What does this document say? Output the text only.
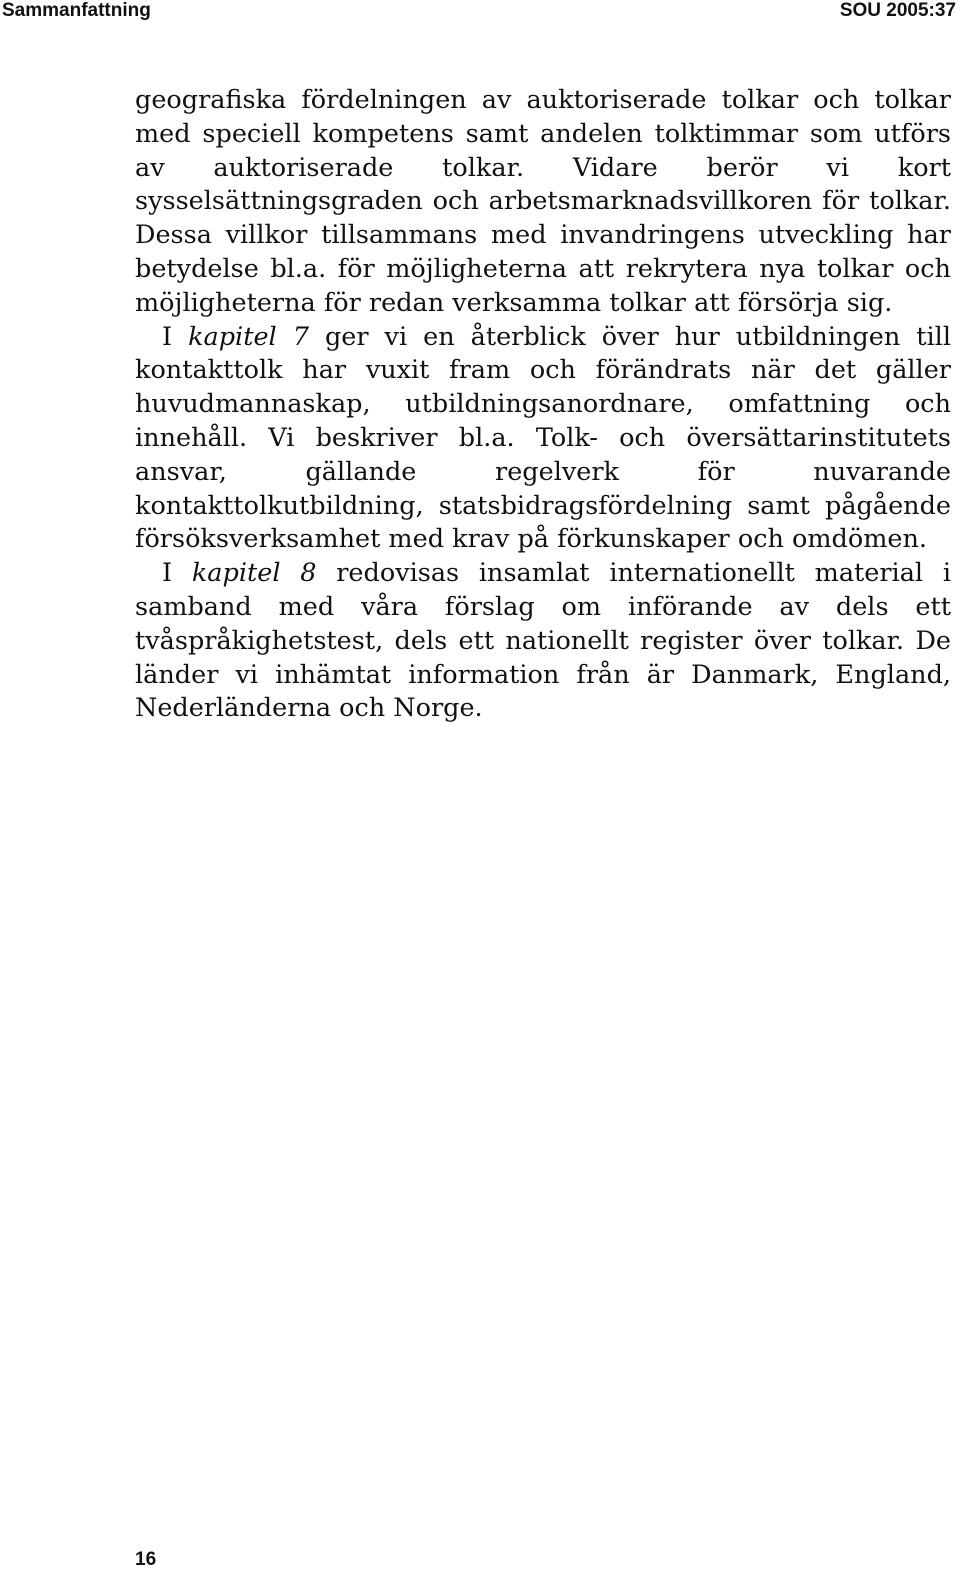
Sammanfattning	SOU 2005:37

geografiska fördelningen av auktoriserade tolkar och tolkar med speciell kompetens samt andelen tolktimmar som utförs av auktoriserade tolkar. Vidare berör vi kort sysselsättningsgraden och arbetsmarknadsvillkoren för tolkar. Dessa villkor tillsammans med invandringens utveckling har betydelse bl.a. för möjligheterna att rekrytera nya tolkar och möjligheterna för redan verksamma tolkar att försörja sig.

I kapitel 7 ger vi en återblick över hur utbildningen till kontakttolk har vuxit fram och förändrats när det gäller huvudmannaskap, utbildningsanordnare, omfattning och innehåll. Vi beskriver bl.a. Tolk- och översättarinstitutets ansvar, gällande regelverk för nuvarande kontakttolkutbildning, statsbidragsfördelning samt pågående försöksverksamhet med krav på förkunskaper och omdömen.

I kapitel 8 redovisas insamlat internationellt material i samband med våra förslag om införande av dels ett tvåspråkighetstest, dels ett nationellt register över tolkar. De länder vi inhämtat information från är Danmark, England, Nederländerna och Norge.

16
